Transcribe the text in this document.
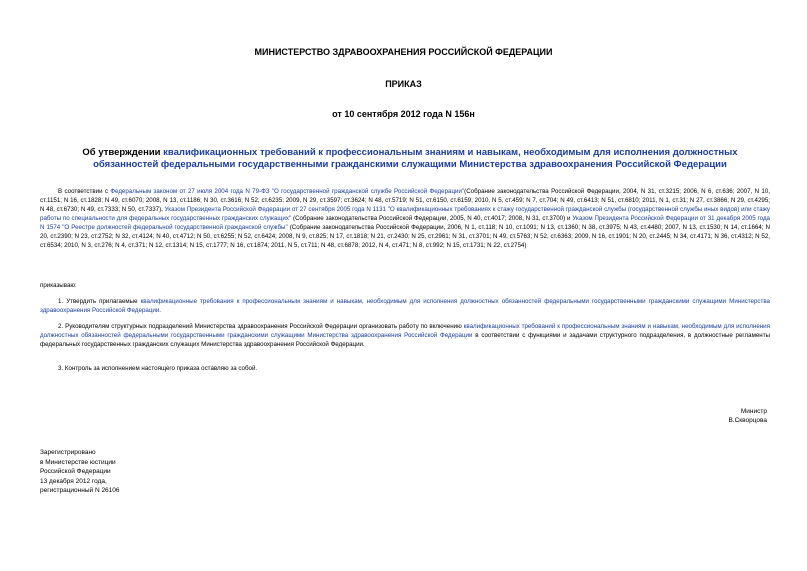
МИНИСТЕРСТВО ЗДРАВООХРАНЕНИЯ РОССИЙСКОЙ ФЕДЕРАЦИИ
ПРИКАЗ
от 10 сентября 2012 года N 156н
Об утверждении квалификационных требований к профессиональным знаниям и навыкам, необходимым для исполнения должностных обязанностей федеральными государственными гражданскими служащими Министерства здравоохранения Российской Федерации
В соответствии с Федеральным законом от 27 июля 2004 года N 79-ФЗ "О государственной гражданской службе Российской Федерации"(Собрание законодательства Российской Федерации, 2004, N 31, ст.3215; 2006, N 6, ст.636; 2007, N 10, ст.1151; N 16, ст.1828; N 49, ст.6070; 2008, N 13, ст.1186; N 30, ст.3616; N 52, ст.6235; 2009, N 29, ст.3597; ст.3624; N 48, ст.5719; N 51, ст.6150, ст.6159; 2010, N 5, ст.459; N 7, ст.704; N 49, ст.6413; N 51, ст.6810; 2011, N 1, ст.31; N 27, ст.3866; N 29, ст.4295; N 48, ст.6730; N 49, ст.7333; N 50, ст.7337), Указом Президента Российской Федерации от 27 сентября 2005 года N 1131 "О квалификационных требованиях к стажу государственной гражданской службы (государственной службы иных видов) или стажу работы по специальности для федеральных государственных гражданских служащих" (Собрание законодательства Российской Федерации, 2005, N 40, ст.4017; 2008, N 31, ст.3700) и Указом Президента Российской Федерации от 31 декабря 2005 года N 1574 "О Реестре должностей федеральной государственной гражданской службы" (Собрание законодательства Российской Федерации, 2006, N 1, ст.118; N 10, ст.1091; N 13, ст.1360; N 38, ст.3975; N 43, ст.4480; 2007, N 13, ст.1530; N 14, ст.1664; N 20, ст.2390; N 23, ст.2752; N 32, ст.4124; N 40, ст.4712; N 50, ст.6255; N 52, ст.6424; 2008, N 9, ст.825; N 17, ст.1818; N 21, ст.2430; N 25, ст.2961; N 31, ст.3701; N 49, ст.5763; N 52, ст.6363; 2009, N 16, ст.1901; N 20, ст.2445; N 34, ст.4171; N 36, ст.4312; N 52, ст.6534; 2010, N 3, ст.276; N 4, ст.371; N 12, ст.1314; N 15, ст.1777; N 16, ст.1874; 2011, N 5, ст.711; N 48, ст.6878; 2012, N 4, ст.471; N 8, ст.992; N 15, ст.1731; N 22, ст.2754)
приказываю:
1. Утвердить прилагаемые квалификационные требования к профессиональным знаниям и навыкам, необходимым для исполнения должностных обязанностей федеральными государственными гражданскими служащими Министерства здравоохранения Российской Федерации.
2. Руководителям структурных подразделений Министерства здравоохранения Российской Федерации организовать работу по включению квалификационных требований к профессиональным знаниям и навыкам, необходимым для исполнения должностных обязанностей федеральными государственными гражданскими служащими Министерства здравоохранения Российской Федерации в соответствии с функциями и задачами структурного подразделения, в должностные регламенты федеральных государственных гражданских служащих Министерства здравоохранения Российской Федерации.
3. Контроль за исполнением настоящего приказа оставляю за собой.
Министр
В.Скворцова
Зарегистрировано
в Министерстве юстиции
Российской Федерации
13 декабря 2012 года,
регистрационный N 26106
